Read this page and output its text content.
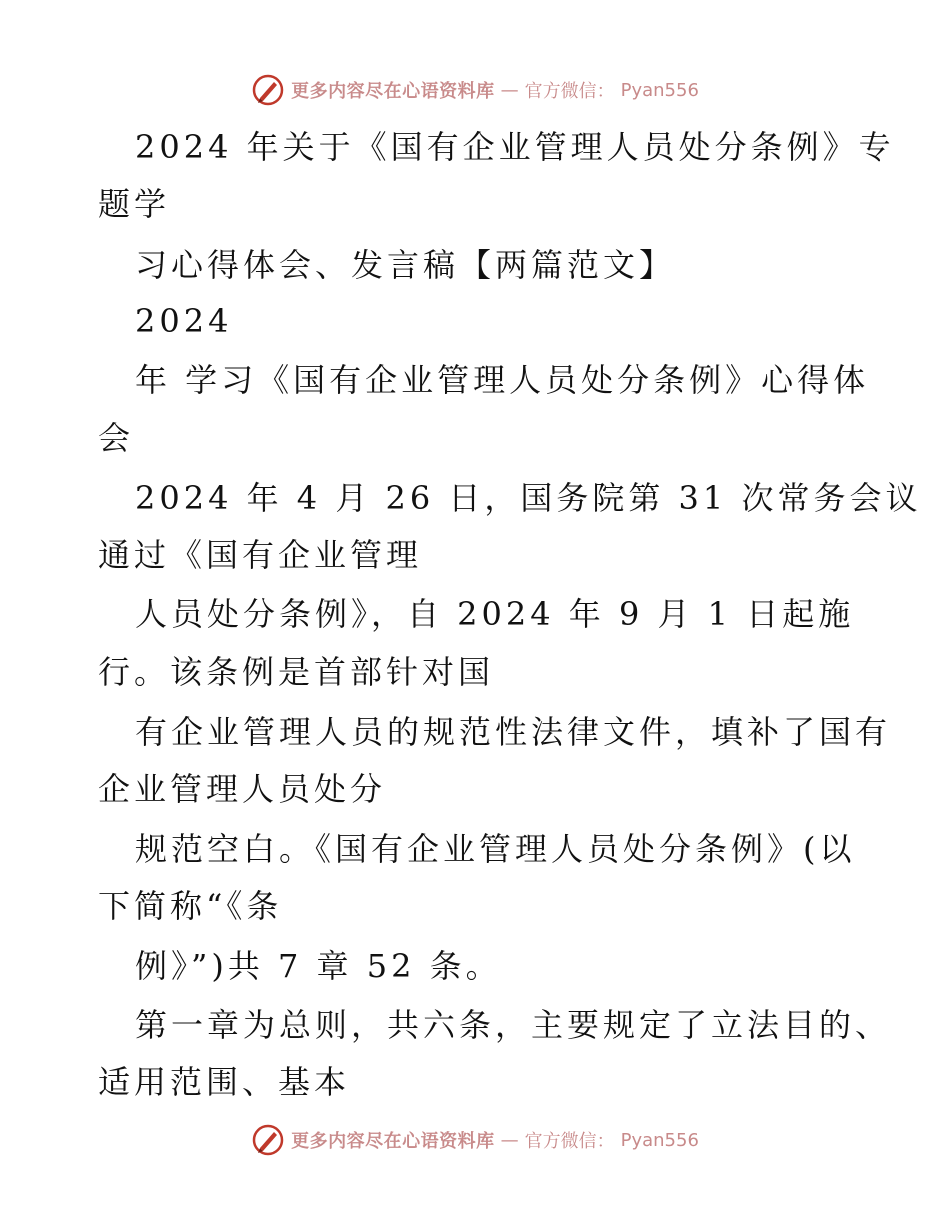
更多内容尽在心语资料库 — 官方微信： Pyan556
2024 年关于《国有企业管理人员处分条例》专
题学
习心得体会、发言稿【两篇范文】
2024
年 学习《国有企业管理人员处分条例》心得体
会
2024 年 4 月 26 日，国务院第 31 次常务会议
通过《国有企业管理
人员处分条例》，自 2024 年 9 月 1 日起施
行。该条例是首部针对国
有企业管理人员的规范性法律文件，填补了国有
企业管理人员处分
规范空白。《国有企业管理人员处分条例》(以
下简称“《条
例》”)共 7 章 52 条。
第一章为总则，共六条，主要规定了立法目的、
适用范围、基本
更多内容尽在心语资料库 — 官方微信： Pyan556
